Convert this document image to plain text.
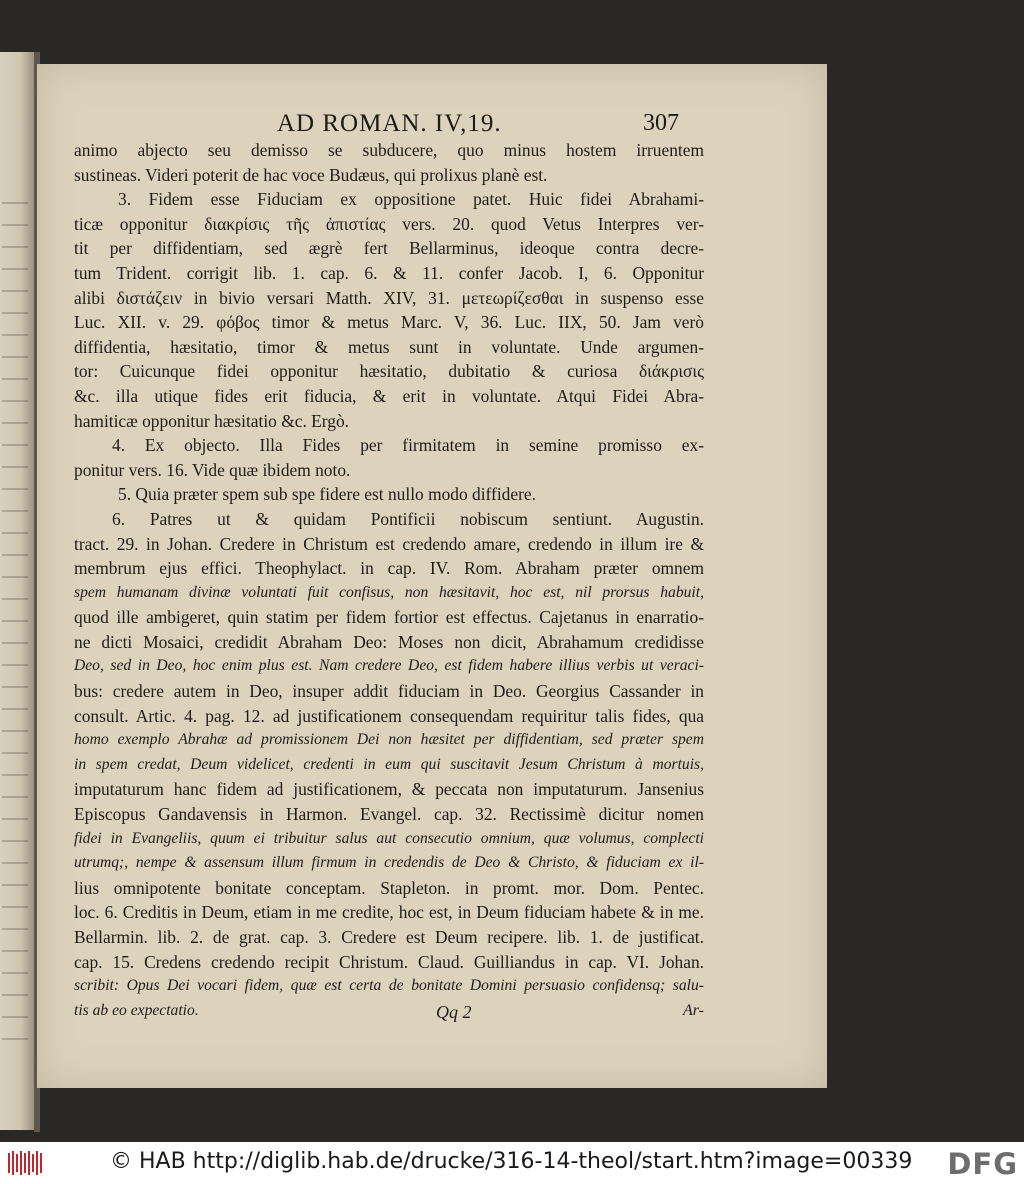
AD ROMAN. IV,19.	307
animo abjecto seu demisso se subducere, quo minus hostem irruentem
sustineas. Videri poterit de hac voce Budæus, qui prolixus planè est.
3. Fidem esse Fiduciam ex oppositione patet. Huic fidei Abrahami-
ticæ opponitur διακρίσις τῆς ἀπιστίας vers. 20. quod Vetus Interpres ver-
tit per diffidentiam, sed ægrè fert Bellarminus, ideoque contra decre-
tum Trident. corrigit lib. 1. cap. 6. & 11. confer Jacob. I, 6. Opponitur
alibi διστάζειν in bivio versari Matth. XIV, 31. μετεωρίζεσθαι in suspenso esse
Luc. XII. v. 29. φόβος timor & metus Marc. V, 36. Luc. IIX, 50. Jam verò
diffidentia, hæsitatio, timor & metus sunt in voluntate. Unde argumen-
tor: Cuicunque fidei opponitur hæsitatio, dubitatio & curiosa διάκρισις
&c. illa utique fides erit fiducia, & erit in voluntate. Atqui Fidei Abra-
hamiticæ opponitur hæsitatio &c. Ergò.
4. Ex objecto. Illa Fides per firmitatem in semine promisso ex-
ponitur vers. 16. Vide quæ ibidem noto.
5. Quia præter spem sub spe fidere est nullo modo diffidere.
6. Patres ut & quidam Pontificii nobiscum sentiunt. Augustin.
tract. 29. in Johan. Credere in Christum est credendo amare, credendo in illum ire &
membrum ejus effici. Theophylact. in cap. IV. Rom. Abraham præter omnem
spem humanam divinæ voluntati fuit confisus, non hæsitavit, hoc est, nil prorsus habuit,
quod ille ambigeret, quin statim per fidem fortior est effectus. Cajetanus in enarratio-
ne dicti Mosaici, credidit Abraham Deo: Moses non dicit, Abrahamum credidisse
Deo, sed in Deo, hoc enim plus est. Nam credere Deo, est fidem habere illius verbis ut veraci-
bus: credere autem in Deo, insuper addit fiduciam in Deo. Georgius Cassander in
consult. Artic. 4. pag. 12. ad justificationem consequendam requiritur talis fides, qua
homo exemplo Abrahæ ad promissionem Dei non hæsitet per diffidentiam, sed præter spem
in spem credat, Deum videlicet, credenti in eum qui suscitavit Jesum Christum à mortuis,
imputaturum hanc fidem ad justificationem, & peccata non imputaturum. Jansenius
Episcopus Gandavensis in Harmon. Evangel. cap. 32. Rectissimè dicitur nomen
fidei in Evangeliis, quum ei tribuitur salus aut consecutio omnium, quæ volumus, complecti
utrumq;, nempe & assensum illum firmum in credendis de Deo & Christo, & fiduciam ex il-
lius omnipotente bonitate conceptam. Stapleton. in promt. mor. Dom. Pentec.
loc. 6. Creditis in Deum, etiam in me credite, hoc est, in Deum fiduciam habete & in me.
Bellarmin. lib. 2. de grat. cap. 3. Credere est Deum recipere. lib. 1. de justificat.
cap. 15. Credens credendo recipit Christum. Claud. Guilliandus in cap. VI. Johan.
scribit: Opus Dei vocari fidem, quæ est certa de bonitate Domini persuasio confidensq; salu-
tis ab eo expectatio.	Qq 2	Ar-
© HAB http://diglib.hab.de/drucke/316-14-theol/start.htm?image=00339 DFG
